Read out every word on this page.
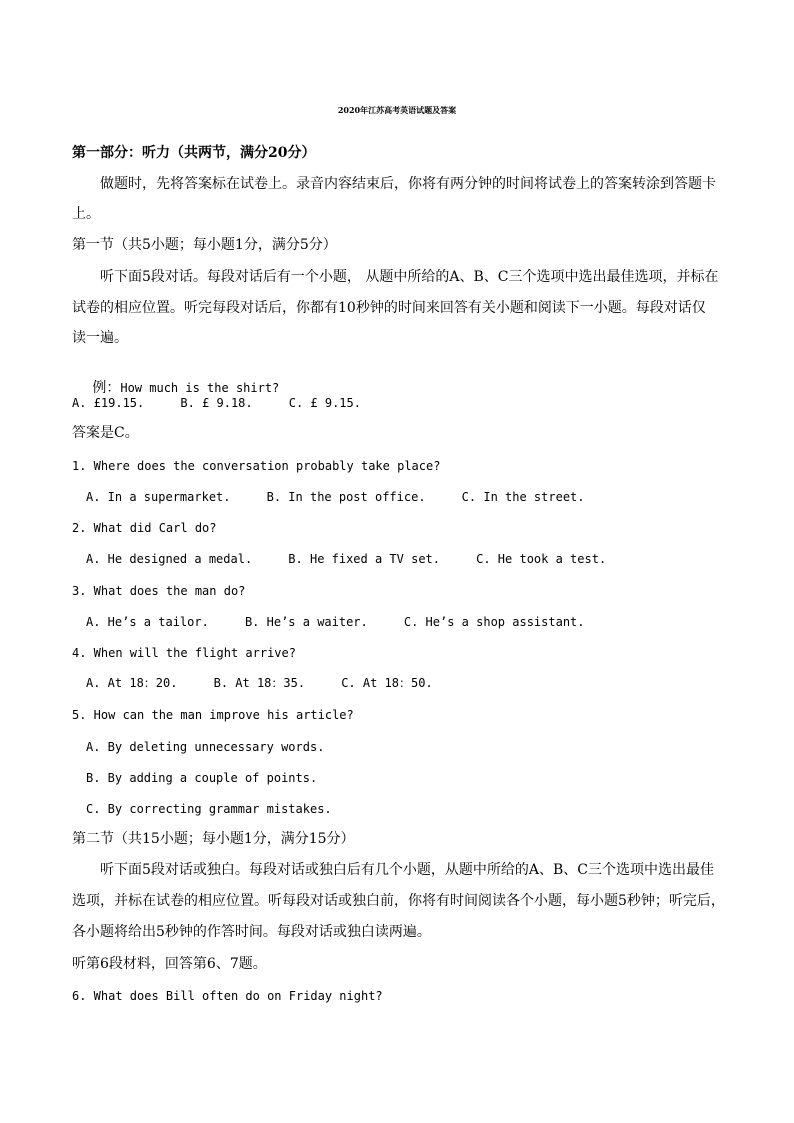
2020年江苏高考英语试题及答案
第一部分：听力（共两节，满分20分）
做题时，先将答案标在试卷上。录音内容结束后，你将有两分钟的时间将试卷上的答案转涂到答题卡
上。
第一节（共5小题；每小题1分，满分5分）
听下面5段对话。每段对话后有一个小题， 从题中所给的A、B、C三个选项中选出最佳选项，并标在
试卷的相应位置。听完每段对话后，你都有10秒钟的时间来回答有关小题和阅读下一小题。每段对话仅
读一遍。

例：How much is the shirt?

A. £19.15.     B. £ 9.18.     C. £ 9.15.
答案是C。
1. Where does the conversation probably take place?
A. In a supermarket.     B. In the post office.     C. In the street.
2. What did Carl do?
A. He designed a medal.     B. He fixed a TV set.     C. He took a test.
3. What does the man do?
A. He’s a tailor.     B. He’s a waiter.     C. He’s a shop assistant.
4. When will the flight arrive?
A. At 18：20.     B. At 18：35.     C. At 18：50.
5. How can the man improve his article?
A. By deleting unnecessary words.
B. By adding a couple of points.
C. By correcting grammar mistakes.
第二节（共15小题；每小题1分，满分15分）
听下面5段对话或独白。每段对话或独白后有几个小题，从题中所给的A、B、C三个选项中选出最佳
选项，并标在试卷的相应位置。听每段对话或独白前，你将有时间阅读各个小题，每小题5秒钟；听完后，
各小题将给出5秒钟的作答时间。每段对话或独白读两遍。
听第6段材料，回答第6、7题。
6. What does Bill often do on Friday night?
